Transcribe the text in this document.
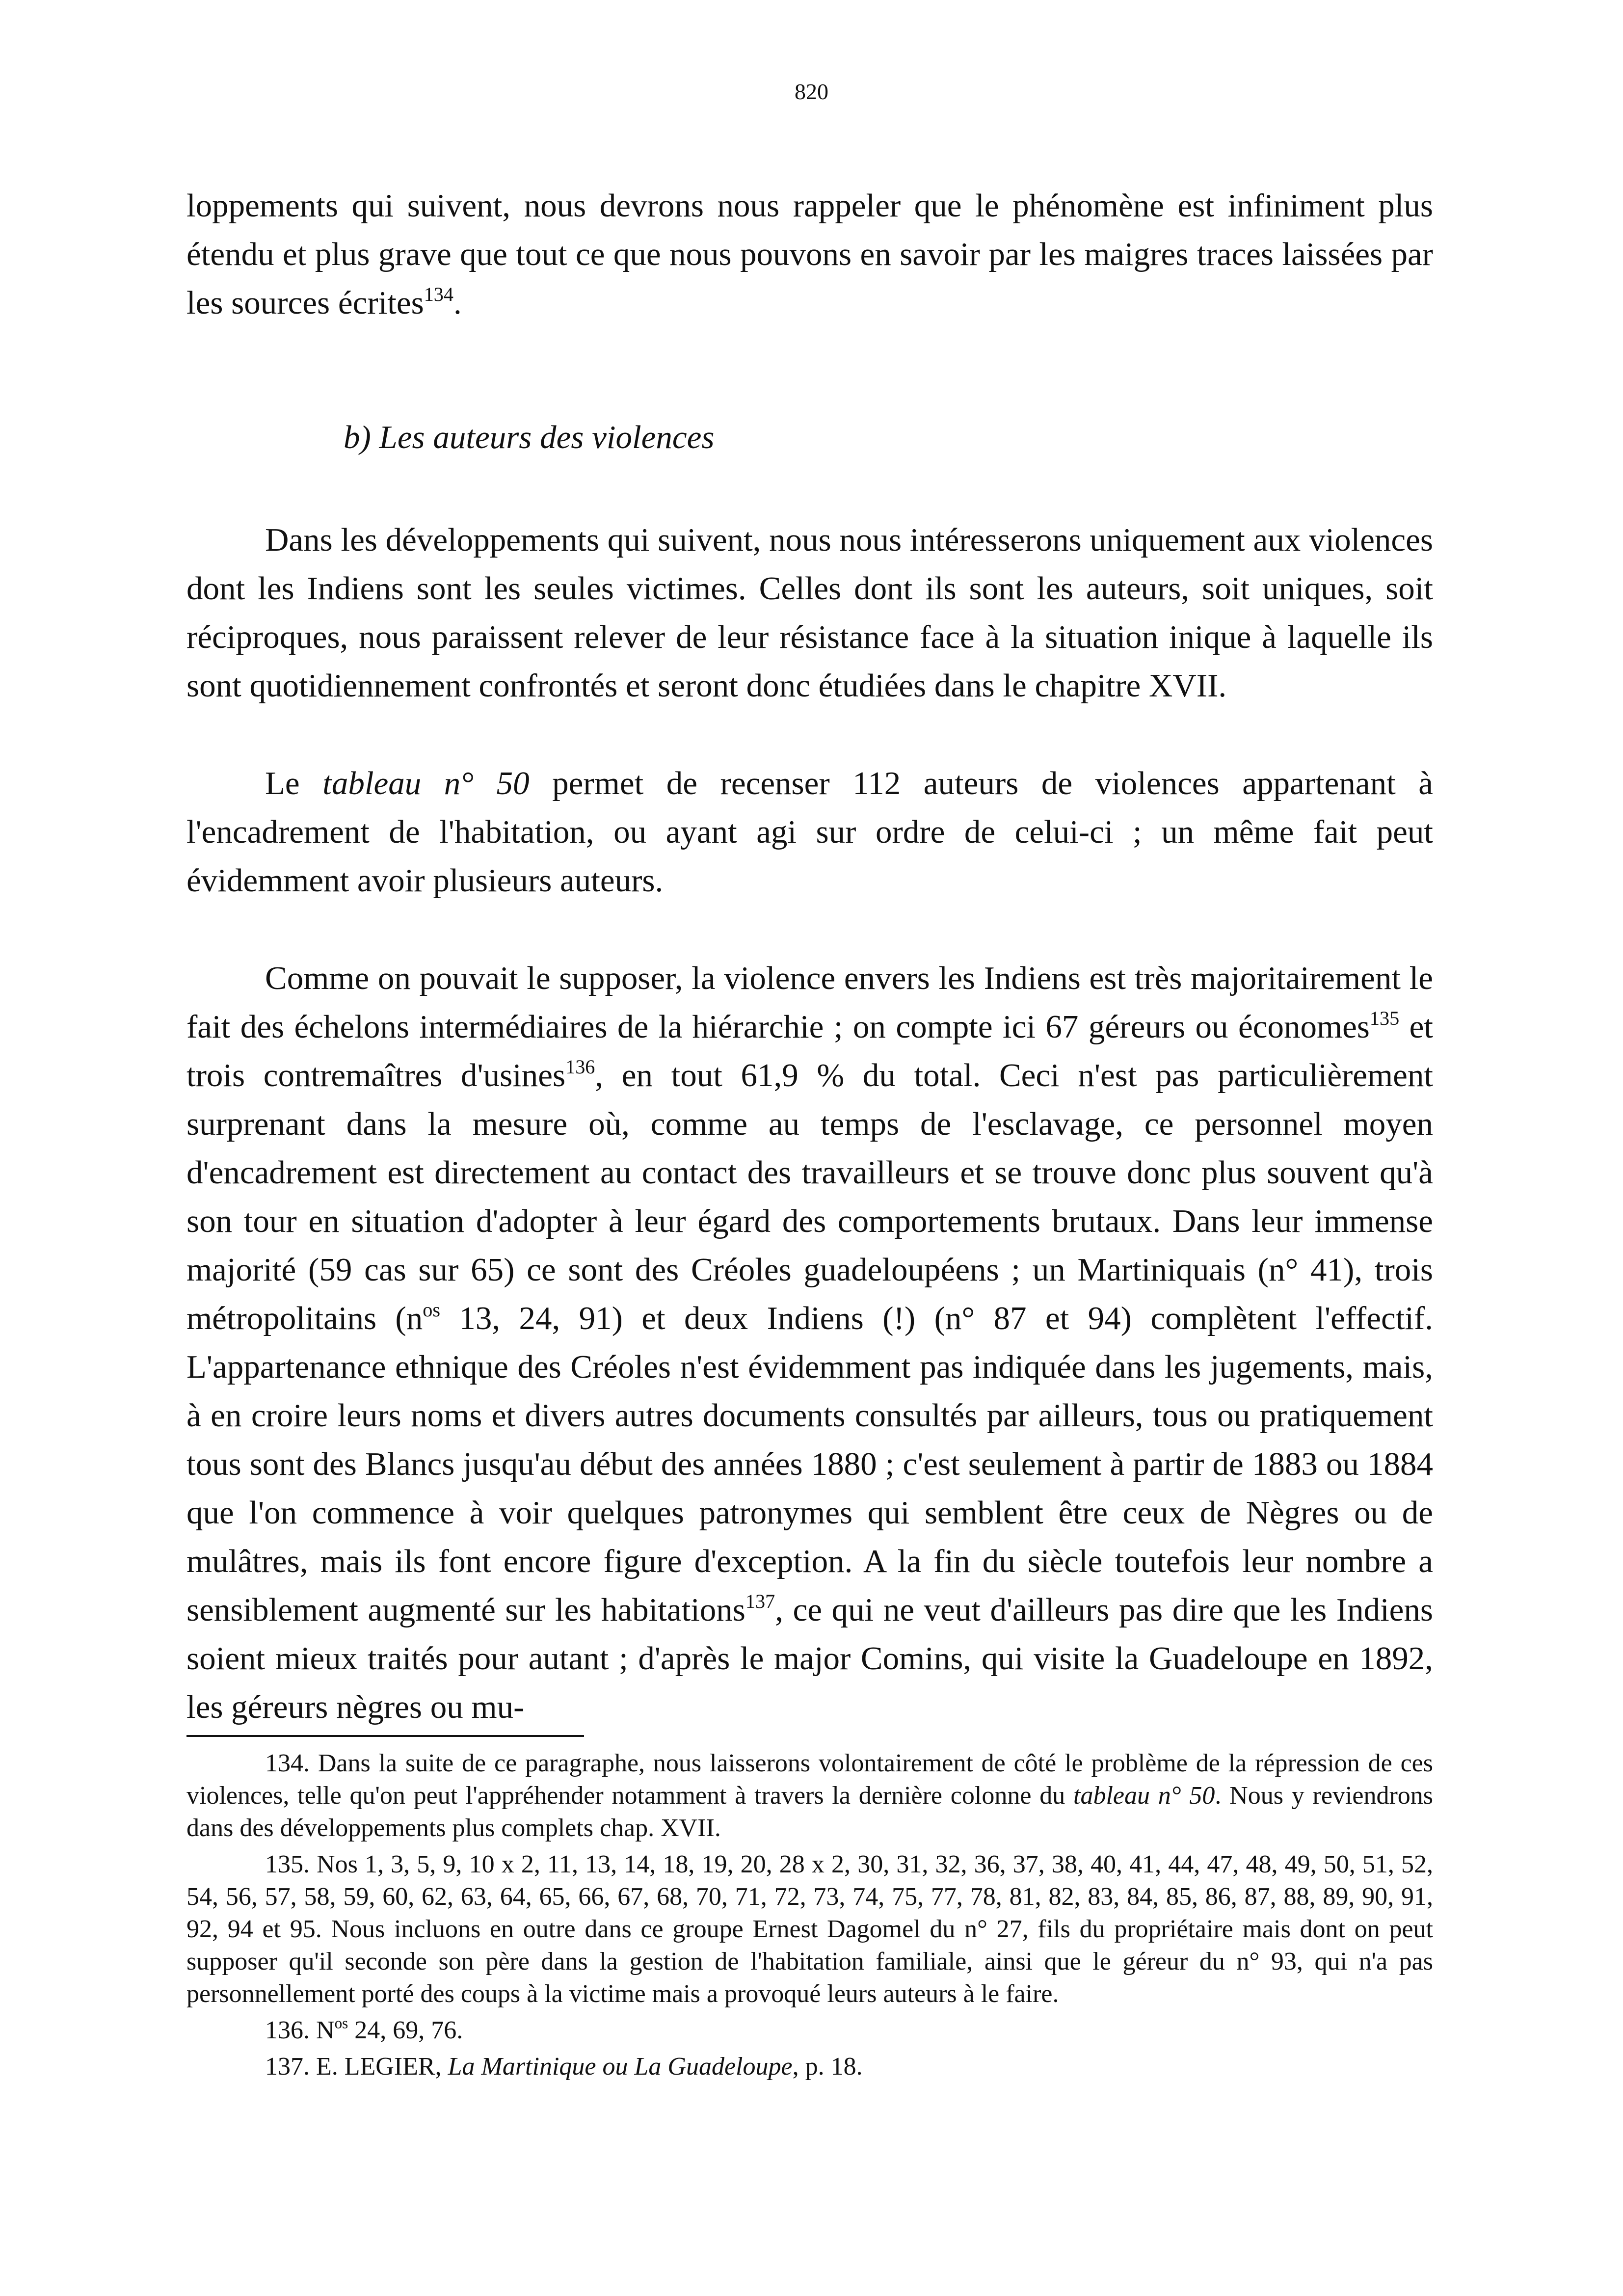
820

loppements qui suivent, nous devrons nous rappeler que le phénomène est infiniment plus étendu et plus grave que tout ce que nous pouvons en savoir par les maigres traces laissées par les sources écrites$^{134}$.

b) Les auteurs des violences

Dans les développements qui suivent, nous nous intéresserons uniquement aux violences dont les Indiens sont les seules victimes. Celles dont ils sont les auteurs, soit uniques, soit réciproques, nous paraissent relever de leur résistance face à la situation inique à laquelle ils sont quotidiennement confrontés et seront donc étudiées dans le chapitre XVII.

Le tableau n° 50 permet de recenser 112 auteurs de violences appartenant à l'encadrement de l'habitation, ou ayant agi sur ordre de celui-ci ; un même fait peut évidemment avoir plusieurs auteurs.

Comme on pouvait le supposer, la violence envers les Indiens est très majoritairement le fait des échelons intermédiaires de la hiérarchie ; on compte ici 67 géreurs ou économes$^{135}$ et trois contremaîtres d'usines$^{136}$, en tout 61,9 % du total. Ceci n'est pas particulièrement surprenant dans la mesure où, comme au temps de l'esclavage, ce personnel moyen d'encadrement est directement au contact des travailleurs et se trouve donc plus souvent qu'à son tour en situation d'adopter à leur égard des comportements brutaux. Dans leur immense majorité (59 cas sur 65) ce sont des Créoles guadeloupéens ; un Martiniquais (n° 41), trois métropolitains ($n^{os}$ 13, 24, 91) et deux Indiens (!) (n° 87 et 94) complètent l'effectif. L'appartenance ethnique des Créoles n'est évidemment pas indiquée dans les jugements, mais, à en croire leurs noms et divers autres documents consultés par ailleurs, tous ou pratiquement tous sont des Blancs jusqu'au début des années 1880 ; c'est seulement à partir de 1883 ou 1884 que l'on commence à voir quelques patronymes qui semblent être ceux de Nègres ou de mulâtres, mais ils font encore figure d'exception. A la fin du siècle toutefois leur nombre a sensiblement augmenté sur les habitations$^{137}$, ce qui ne veut d'ailleurs pas dire que les Indiens soient mieux traités pour autant ; d'après le major Comins, qui visite la Guadeloupe en 1892, les géreurs nègres ou mu-

134. Dans la suite de ce paragraphe, nous laisserons volontairement de côté le problème de la répression de ces violences, telle qu'on peut l'appréhender notamment à travers la dernière colonne du tableau n° 50. Nous y reviendrons dans des développements plus complets chap. XVII.

135. Nos 1, 3, 5, 9, 10 x 2, 11, 13, 14, 18, 19, 20, 28 x 2, 30, 31, 32, 36, 37, 38, 40, 41, 44, 47, 48, 49, 50, 51, 52, 54, 56, 57, 58, 59, 60, 62, 63, 64, 65, 66, 67, 68, 70, 71, 72, 73, 74, 75, 77, 78, 81, 82, 83, 84, 85, 86, 87, 88, 89, 90, 91, 92, 94 et 95. Nous incluons en outre dans ce groupe Ernest Dagomel du n° 27, fils du propriétaire mais dont on peut supposer qu'il seconde son père dans la gestion de l'habitation familiale, ainsi que le géreur du n° 93, qui n'a pas personnellement porté des coups à la victime mais a provoqué leurs auteurs à le faire.

136. $N^{os}$ 24, 69, 76.

137. E. LEGIER, La Martinique ou La Guadeloupe, p. 18.
